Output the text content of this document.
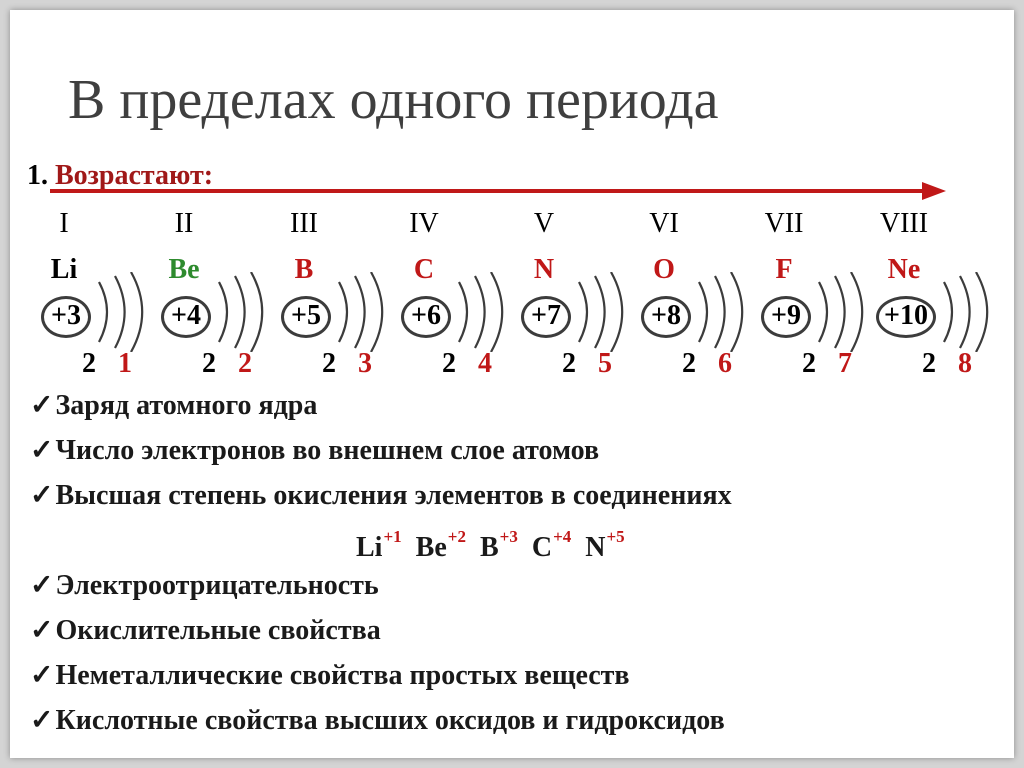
В пределах одного периода
1. Возрастают:
I
Li
+3
2 1
II
Be
+4
2 2
III
B
+5
2 3
IV
C
+6
2 4
V
N
+7
2 5
VI
O
+8
2 6
VII
F
+9
2 7
VIII
Ne
+10
2 8
✓Заряд атомного ядра
✓Число электронов во внешнем слое атомов
✓Высшая степень окисления элементов в соединениях
✓Электроотрицательность
✓Окислительные свойства
✓Неметаллические свойства простых веществ
✓Кислотные свойства высших оксидов и гидроксидов
$Li^{+1}$ $Be^{+2}$ $B^{+3}$ $C^{+4}$ $N^{+5}$
